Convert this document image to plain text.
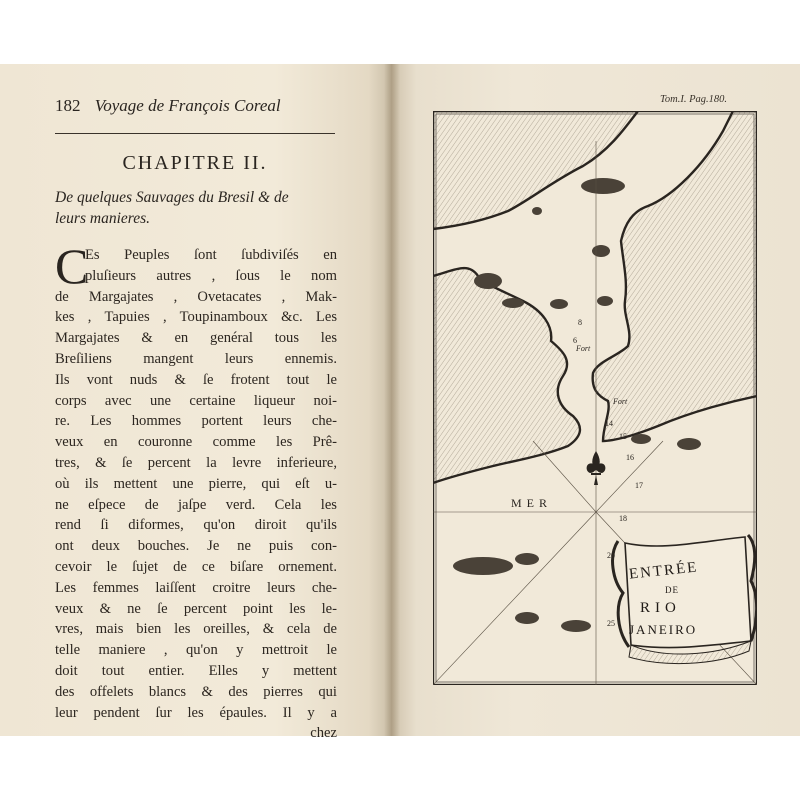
182 Voyage de François Coreal
CHAPITRE II.
De quelques Sauvages du Bresil & de
leurs manieres.
C
Es Peuples ſont ſubdiviſés en
pluſieurs autres , ſous le nom
de Margajates , Ovetacates , Mak-
kes , Tapuies , Toupinamboux &c. Les
Margajates & en genéral tous les
Breſiliens mangent leurs ennemis.
Ils vont nuds & ſe frotent tout le
corps avec une certaine liqueur noi-
re. Les hommes portent leurs che-
veux en couronne comme les Prê-
tres, & ſe percent la levre inferieure,
où ils mettent une pierre, qui eſt u-
ne eſpece de jaſpe verd. Cela les
rend ſi diformes, qu'on diroit qu'ils
ont deux bouches. Je ne puis con-
cevoir le ſujet de ce biſare ornement.
Les femmes laiſſent croitre leurs che-
veux & ne ſe percent point les le-
vres, mais bien les oreilles, & cela de
telle maniere , qu'on y mettroit le
doit tout entier. Elles y mettent
des offelets blancs & des pierres qui
leur pendent ſur les épaules. Il y a
chez
Tom.I. Pag.180.
MER
Fort
Fort
8
6
14
15
16
17
18
20
25
ENTRÉE
DE
RIO
JANEIRO
